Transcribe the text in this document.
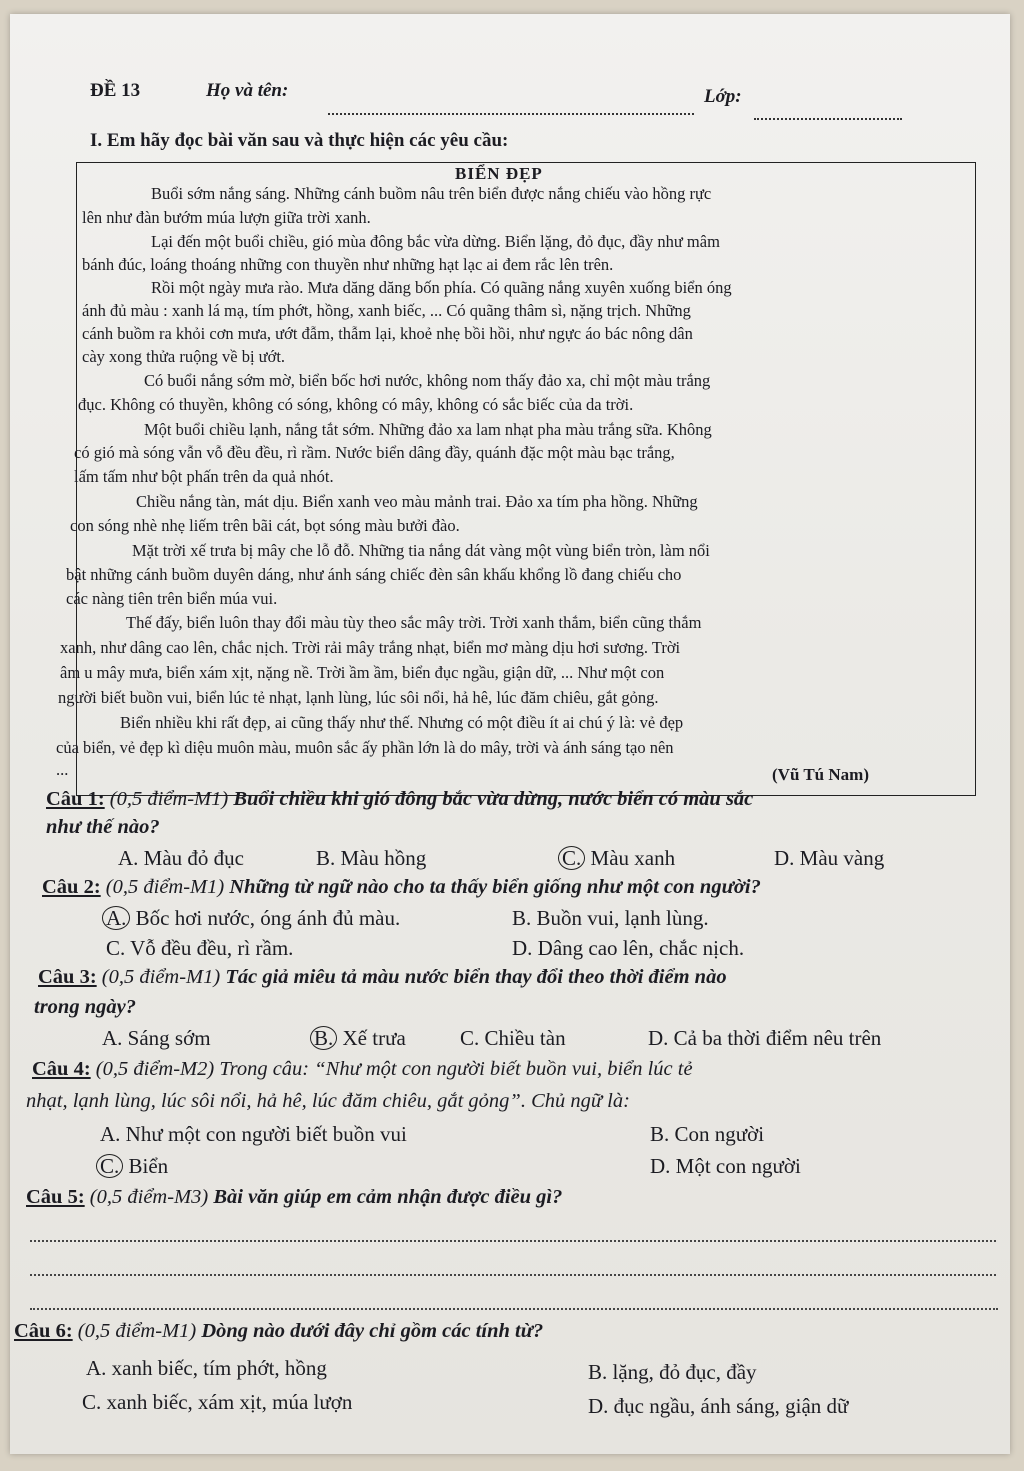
ĐỀ 13	Họ và tên:	Lớp:
I. Em hãy đọc bài văn sau và thực hiện các yêu cầu:
BIỂN ĐẸP
Buổi sớm nắng sáng. Những cánh buồm nâu trên biển được nắng chiếu vào hồng rực
lên như đàn bướm múa lượn giữa trời xanh.
Lại đến một buổi chiều, gió mùa đông bắc vừa dừng. Biển lặng, đỏ đục, đầy như mâm
bánh đúc, loáng thoáng những con thuyền như những hạt lạc ai đem rắc lên trên.
Rồi một ngày mưa rào. Mưa dăng dăng bốn phía. Có quãng nắng xuyên xuống biển óng
ánh đủ màu : xanh lá mạ, tím phớt, hồng, xanh biếc, ... Có quãng thâm sì, nặng trịch. Những
cánh buồm ra khỏi cơn mưa, ướt đẫm, thẫm lại, khoẻ nhẹ bồi hồi, như ngực áo bác nông dân
cày xong thửa ruộng về bị ướt.
Có buổi nắng sớm mờ, biển bốc hơi nước, không nom thấy đảo xa, chỉ một màu trắng
đục. Không có thuyền, không có sóng, không có mây, không có sắc biếc của da trời.
Một buổi chiều lạnh, nắng tắt sớm. Những đảo xa lam nhạt pha màu trắng sữa. Không
có gió mà sóng vẫn vỗ đều đều, rì rầm. Nước biển dâng đầy, quánh đặc một màu bạc trắng,
lấm tấm như bột phấn trên da quả nhót.
Chiều nắng tàn, mát dịu. Biển xanh veo màu mảnh trai. Đảo xa tím pha hồng. Những
con sóng nhè nhẹ liếm trên bãi cát, bọt sóng màu bưởi đào.
Mặt trời xế trưa bị mây che lỗ đỗ. Những tia nắng dát vàng một vùng biển tròn, làm nổi
bật những cánh buồm duyên dáng, như ánh sáng chiếc đèn sân khấu khổng lồ đang chiếu cho
các nàng tiên trên biển múa vui.
Thế đấy, biển luôn thay đổi màu tùy theo sắc mây trời. Trời xanh thắm, biển cũng thắm
xanh, như dâng cao lên, chắc nịch. Trời rải mây trắng nhạt, biển mơ màng dịu hơi sương. Trời
âm u mây mưa, biển xám xịt, nặng nề. Trời ầm ầm, biển đục ngầu, giận dữ, ... Như một con
người biết buồn vui, biển lúc tẻ nhạt, lạnh lùng, lúc sôi nổi, hả hê, lúc đăm chiêu, gắt gỏng.
Biển nhiều khi rất đẹp, ai cũng thấy như thế. Nhưng có một điều ít ai chú ý là: vẻ đẹp
của biển, vẻ đẹp kì diệu muôn màu, muôn sắc ấy phần lớn là do mây, trời và ánh sáng tạo nên
...	(Vũ Tú Nam)
Câu 1: (0,5 điểm-M1) Buổi chiều khi gió đông bắc vừa dừng, nước biển có màu sắc
như thế nào?
A. Màu đỏ đục	B. Màu hồng	C. Màu xanh	D. Màu vàng
Câu 2: (0,5 điểm-M1) Những từ ngữ nào cho ta thấy biển giống như một con người?
A. Bốc hơi nước, óng ánh đủ màu.	B. Buồn vui, lạnh lùng.
C. Vỗ đều đều, rì rầm.	D. Dâng cao lên, chắc nịch.
Câu 3: (0,5 điểm-M1) Tác giả miêu tả màu nước biển thay đổi theo thời điểm nào
trong ngày?
A. Sáng sớm	B. Xế trưa	C. Chiều tàn	D. Cả ba thời điểm nêu trên
Câu 4: (0,5 điểm-M2) Trong câu: “Như một con người biết buồn vui, biển lúc tẻ
nhạt, lạnh lùng, lúc sôi nổi, hả hê, lúc đăm chiêu, gắt gỏng”. Chủ ngữ là:
A. Như một con người biết buồn vui	B. Con người
C. Biển	D. Một con người
Câu 5: (0,5 điểm-M3) Bài văn giúp em cảm nhận được điều gì?
Câu 6: (0,5 điểm-M1) Dòng nào dưới đây chỉ gồm các tính từ?
A. xanh biếc, tím phớt, hồng	B. lặng, đỏ đục, đầy
C. xanh biếc, xám xịt, múa lượn	D. đục ngầu, ánh sáng, giận dữ
